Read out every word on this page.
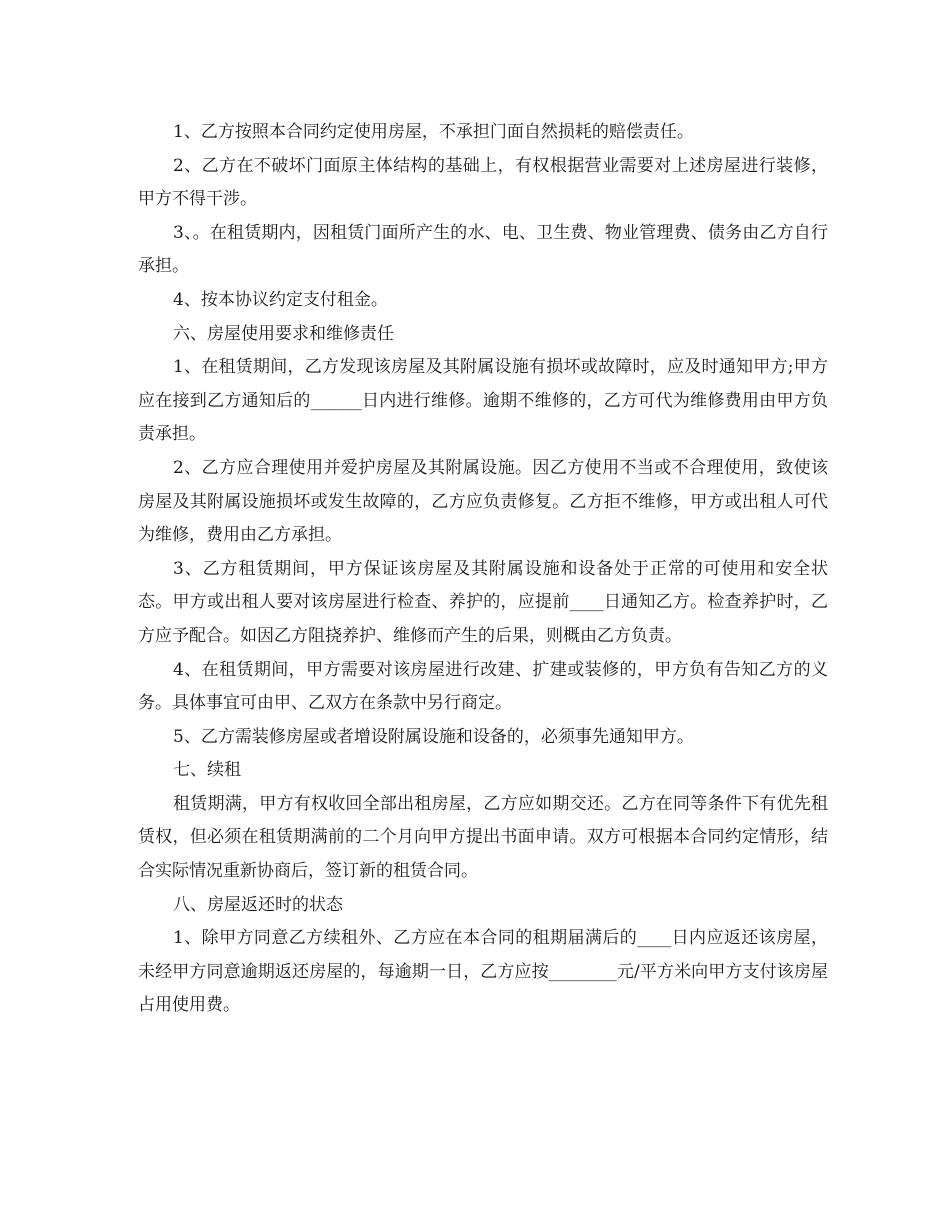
1、乙方按照本合同约定使用房屋，不承担门面自然损耗的赔偿责任。

2、乙方在不破坏门面原主体结构的基础上，有权根据营业需要对上述房屋进行装修，甲方不得干涉。

3、。在租赁期内，因租赁门面所产生的水、电、卫生费、物业管理费、债务由乙方自行承担。

4、按本协议约定支付租金。

六、房屋使用要求和维修责任

1、在租赁期间，乙方发现该房屋及其附属设施有损坏或故障时，应及时通知甲方;甲方应在接到乙方通知后的______日内进行维修。逾期不维修的，乙方可代为维修费用由甲方负责承担。

2、乙方应合理使用并爱护房屋及其附属设施。因乙方使用不当或不合理使用，致使该房屋及其附属设施损坏或发生故障的，乙方应负责修复。乙方拒不维修，甲方或出租人可代为维修，费用由乙方承担。

3、乙方租赁期间，甲方保证该房屋及其附属设施和设备处于正常的可使用和安全状态。甲方或出租人要对该房屋进行检查、养护的，应提前____日通知乙方。检查养护时，乙方应予配合。如因乙方阻挠养护、维修而产生的后果，则概由乙方负责。

4、在租赁期间，甲方需要对该房屋进行改建、扩建或装修的，甲方负有告知乙方的义务。具体事宜可由甲、乙双方在条款中另行商定。

5、乙方需装修房屋或者增设附属设施和设备的，必须事先通知甲方。

七、续租

租赁期满，甲方有权收回全部出租房屋，乙方应如期交还。乙方在同等条件下有优先租赁权，但必须在租赁期满前的二个月向甲方提出书面申请。双方可根据本合同约定情形，结合实际情况重新协商后，签订新的租赁合同。

八、房屋返还时的状态

1、除甲方同意乙方续租外、乙方应在本合同的租期届满后的____日内应返还该房屋，未经甲方同意逾期返还房屋的，每逾期一日，乙方应按________元/平方米向甲方支付该房屋占用使用费。
